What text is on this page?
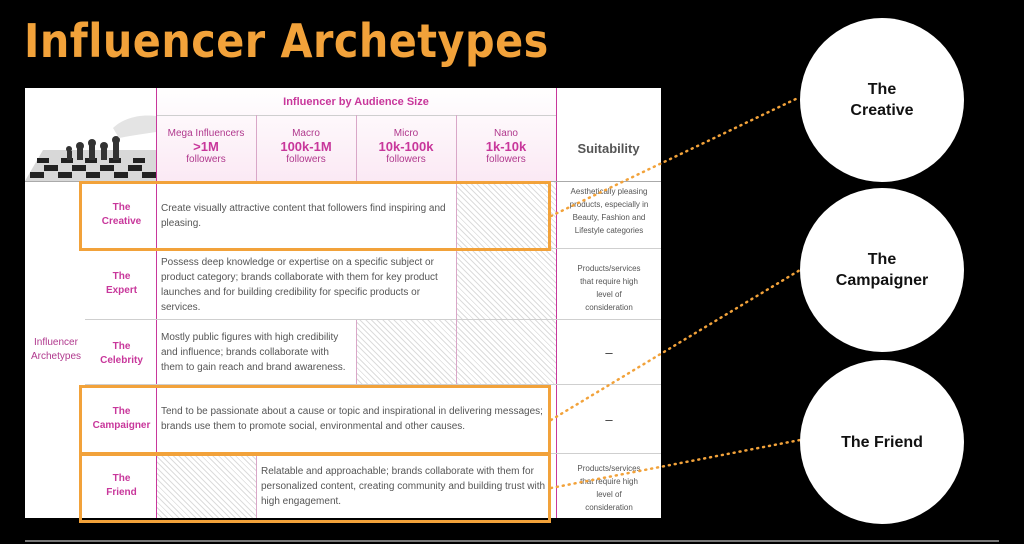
Influencer Archetypes
Influencer by Audience Size
Mega Influencers
>1M
followers
Macro
100k-1M
followers
Micro
10k-100k
followers
Nano
1k-10k
followers
Suitability
Influencer
Archetypes
The
Creative
The
Expert
The
Celebrity
The
Campaigner
The
Friend
Create visually attractive content that followers find inspiring and pleasing.
Possess deep knowledge or expertise on a specific subject or product category; brands collaborate with them for key product launches and for building credibility for specific products or services.
Mostly public figures with high credibility and influence; brands collaborate with them to gain reach and brand awareness.
Tend to be passionate about a cause or topic and inspirational in delivering messages; brands use them to promote social, environmental and other causes.
Relatable and approachable; brands collaborate with them for personalized content, creating community and building trust with high engagement.
Aesthetically pleasing products, especially in Beauty, Fashion and Lifestyle categories
Products/services that require high level of consideration
–
–
Products/services that require high level of consideration
The
Creative
The
Campaigner
The Friend
